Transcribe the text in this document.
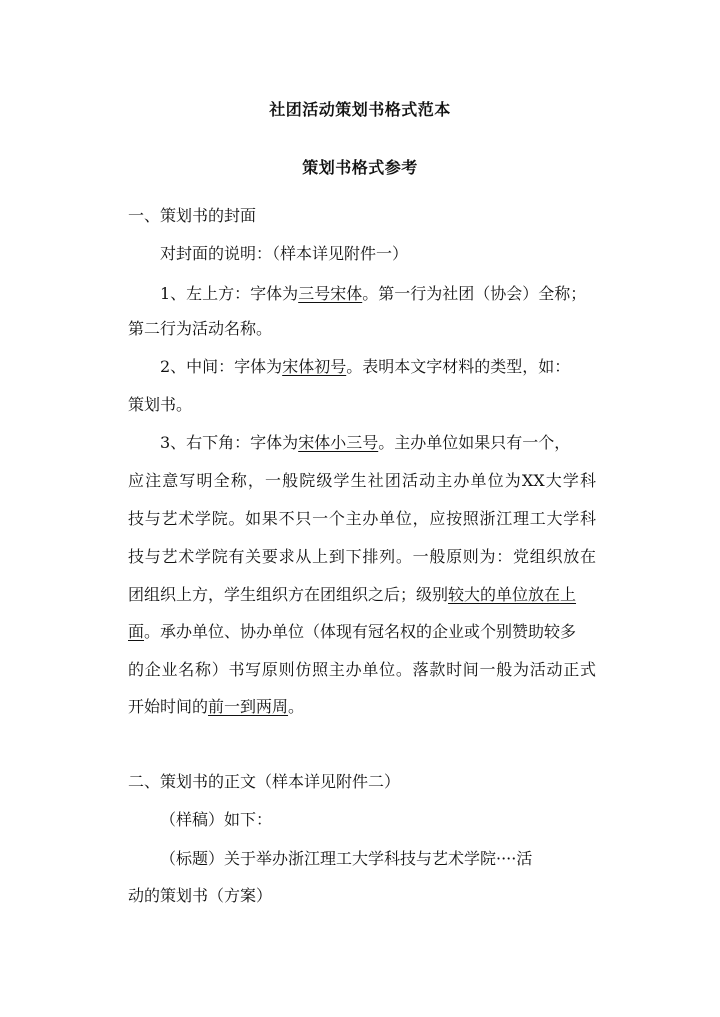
社团活动策划书格式范本
策划书格式参考
一、策划书的封面
对封面的说明：（样本详见附件一）
1、左上方：字体为三号宋体。第一行为社团（协会）全称；
第二行为活动名称。
2、中间：字体为宋体初号。表明本文字材料的类型，如：
策划书。
3、右下角：字体为宋体小三号。主办单位如果只有一个，
应注意写明全称，一般院级学生社团活动主办单位为XX大学科
技与艺术学院。如果不只一个主办单位，应按照浙江理工大学科
技与艺术学院有关要求从上到下排列。一般原则为：党组织放在
团组织上方，学生组织方在团组织之后；级别较大的单位放在上
面。承办单位、协办单位（体现有冠名权的企业或个别赞助较多
的企业名称）书写原则仿照主办单位。落款时间一般为活动正式
开始时间的前一到两周。
二、策划书的正文（样本详见附件二）
（样稿）如下：
（标题）关于举办浙江理工大学科技与艺术学院····活
动的策划书（方案）
